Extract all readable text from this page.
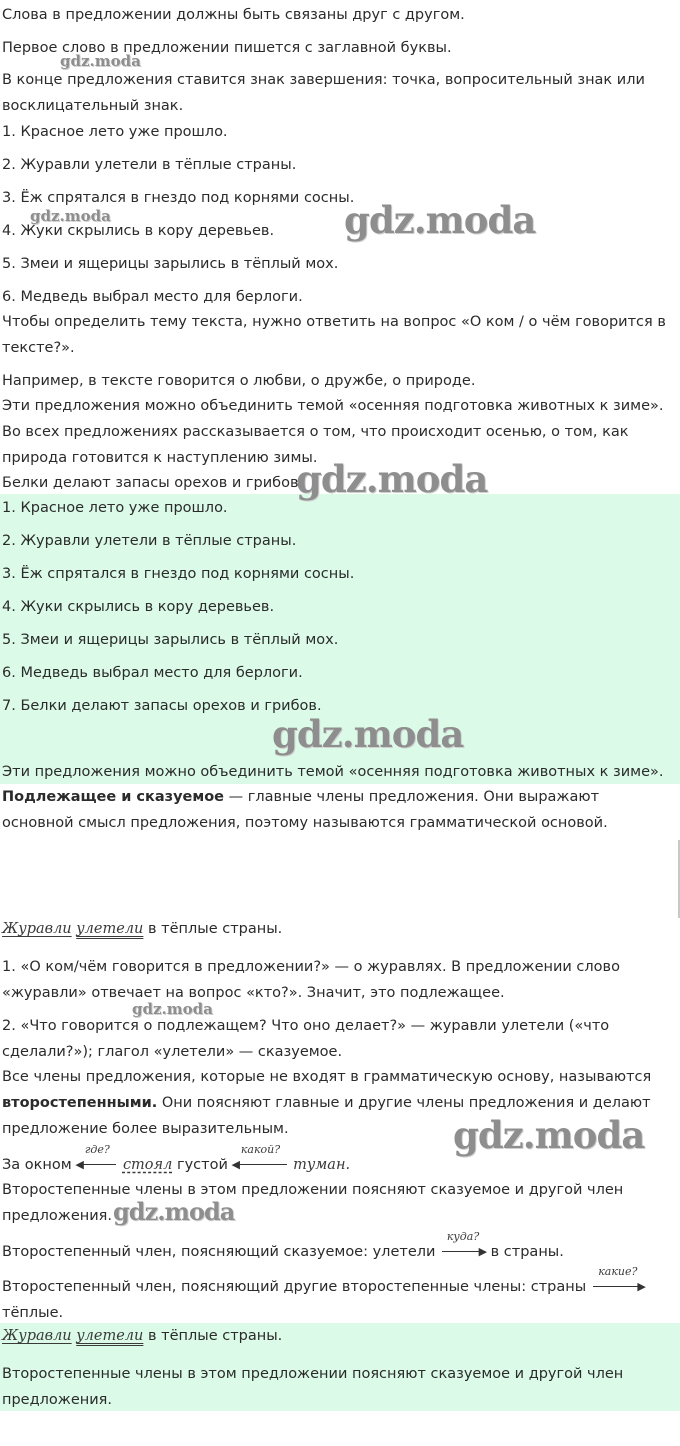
Слова в предложении должны быть связаны друг с другом.
Первое слово в предложении пишется с заглавной буквы.
В конце предложения ставится знак завершения: точка, вопросительный знак или восклицательный знак.
1. Красное лето уже прошло.
2. Журавли улетели в тёплые страны.
3. Ёж спрятался в гнездо под корнями сосны.
4. Жуки скрылись в кору деревьев.
5. Змеи и ящерицы зарылись в тёплый мох.
6. Медведь выбрал место для берлоги.
Чтобы определить тему текста, нужно ответить на вопрос «О ком / о чём говорится в тексте?».
Например, в тексте говорится о любви, о дружбе, о природе.
Эти предложения можно объединить темой «осенняя подготовка животных к зиме». Во всех предложениях рассказывается о том, что происходит осенью, о том, как природа готовится к наступлению зимы.
Белки делают запасы орехов и грибов.
1. Красное лето уже прошло.
2. Журавли улетели в тёплые страны.
3. Ёж спрятался в гнездо под корнями сосны.
4. Жуки скрылись в кору деревьев.
5. Змеи и ящерицы зарылись в тёплый мох.
6. Медведь выбрал место для берлоги.
7. Белки делают запасы орехов и грибов.
Эти предложения можно объединить темой «осенняя подготовка животных к зиме».
Подлежащее и сказуемое — главные члены предложения. Они выражают основной смысл предложения, поэтому называются грамматической основой.
Журавли улетели в тёплые страны.
1. «О ком/чём говорится в предложении?» — о журавлях. В предложении слово «журавли» отвечает на вопрос «кто?». Значит, это подлежащее.
2. «Что говорится о подлежащем? Что оно делает?» — журавли улетели («что сделали?»); глагол «улетели» — сказуемое.
Все члены предложения, которые не входят в грамматическую основу, называются второстепенными. Они поясняют главные и другие члены предложения и делают предложение более выразительным.
За окном
где?
◀	стоял густой
какой?
◀	туман.
Второстепенные члены в этом предложении поясняют сказуемое и другой член предложения.
Второстепенный член, поясняющий сказуемое: улетели
куда?
▶ в страны.
Второстепенный член, поясняющий другие второстепенные члены: страны
какие?
▶
тёплые.
Журавли улетели в тёплые страны.
Второстепенные члены в этом предложении поясняют сказуемое и другой член предложения.
gdz.moda
gdz.moda	gdz.moda
gdz.moda
gdz.moda
gdz.moda
gdz.moda
gdz.moda
